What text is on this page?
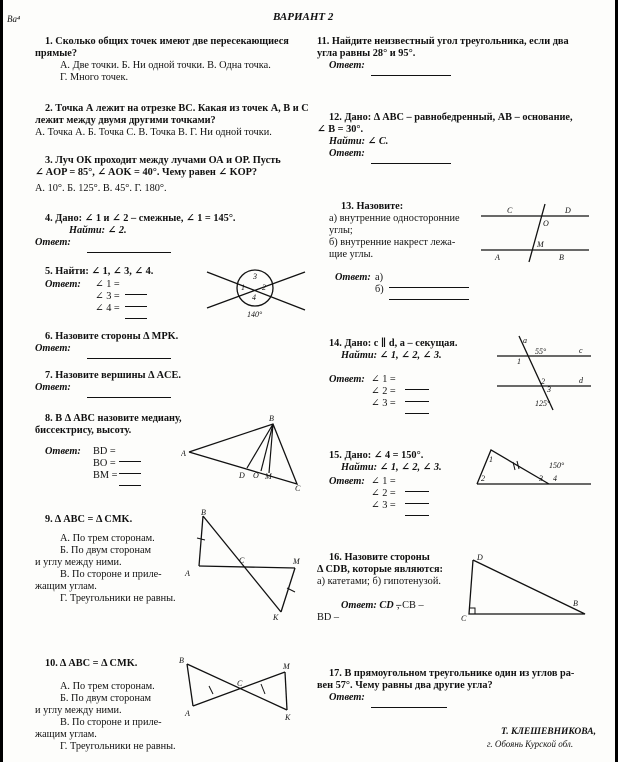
Ва⁴	ВАРИАНТ 2
1. Сколько общих точек имеют две пересекающиеся
прямые?
А. Две точки. Б. Ни одной точки. В. Одна точка.
Г. Много точек.
2. Точка А лежит на отрезке ВС. Какая из точек А, В и С
лежит между двумя другими точками?
А. Точка А. Б. Точка С. В. Точка В. Г. Ни одной точки.
3. Луч ОК проходит между лучами ОА и ОР. Пусть
∠ AOP = 85°, ∠ AOK = 40°. Чему равен ∠ KOP?
А. 10°. Б. 125°. В. 45°. Г. 180°.
4. Дано: ∠ 1 и ∠ 2 – смежные, ∠ 1 = 145°.
Найти: ∠ 2.
Ответ:
5. Найти: ∠ 1, ∠ 3, ∠ 4.
Ответ: ∠ 1 =
∠ 3 =
∠ 4 =
3
2
1
4
140°
6. Назовите стороны Δ MPK.
Ответ:
7. Назовите вершины Δ ACE.
Ответ:
8. В Δ ABC назовите медиану,
биссектрису, высоту.
Ответ: BD =
BO =
BM =
B
A
C
D O M
9. Δ ABC = Δ CMK.
А. По трем сторонам.
Б. По двум сторонам
и углу между ними.
В. По стороне и приле-
жащим углам.
Г. Треугольники не равны.
B
A
C	M
K
10. Δ ABC = Δ CMK.
А. По трем сторонам.
Б. По двум сторонам
и углу между ними.
В. По стороне и приле-
жащим углам.
Г. Треугольники не равны.
B
M
C
A	K
11. Найдите неизвестный угол треугольника, если два
угла равны 28° и 95°.
Ответ:
12. Дано: Δ ABC – равнобедренный, AB – основание,
∠ B = 30°.
Найти: ∠ C.
Ответ:
13. Назовите:
а) внутренние односторонние
углы;
б) внутренние накрест лежа-
щие углы.
Ответ: а)
б)
C
O
D
M
A	B
14. Дано: c ∥ d, a – секущая.
Найти: ∠ 1, ∠ 2, ∠ 3.
Ответ: ∠ 1 =
∠ 2 =
∠ 3 =
a
c
d
1
2
3
55°
125°
15. Дано: ∠ 4 = 150°.
Найти: ∠ 1, ∠ 2, ∠ 3.
Ответ: ∠ 1 =
∠ 2 =
∠ 3 =
1
2	3 4
150°
16. Назовите стороны
Δ CDB, которые являются:
а) катетами; б) гипотенузой.
Ответ: CD –
, CB –
BD –
D
C
B
17. В прямоугольном треугольнике один из углов ра-
вен 57°. Чему равны два другие угла?
Ответ:
Т. КЛЕШЕВНИКОВА,
г. Обоянь Курской обл.
